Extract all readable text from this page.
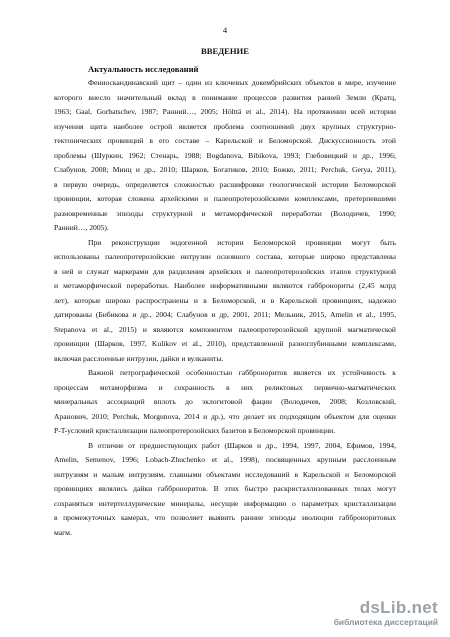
4
ВВЕДЕНИЕ
Актуальность исследований
Фенноскандинавский щит – один из ключевых докембрийских объектов в мире, изучение
которого внесло значительный вклад в понимание процессов развития ранней Земли (Кратц,
1963; Gaal, Gorbatschev, 1987; Ранний…, 2005; Hölttä et al., 2014). На протяжении всей истории
изучения щита наиболее острой является проблема соотношений двух крупных структурно-
тектонических провинций в его составе – Карельской и Беломорской. Дискуссионность этой
проблемы (Шуркин, 1962; Стенарь, 1988; Bogdanova, Bibikova, 1993; Глебовицкий и др., 1996;
Слабунов, 2008; Минц и др., 2010; Шарков, Богатиков, 2010; Божко, 2011; Perchuk, Gerya, 2011),
в первую очередь, определяется сложностью расшифровки геологической истории Беломорской
провинции, которая сложена архейскими и палеопротерозойскими комплексами, претерпевшими
разновременные эпизоды структурной и метаморфической переработки (Володичев, 1990;
Ранний…, 2005).
При реконструкции эндогенной истории Беломорской провинции могут быть
использованы палеопротерозойские интрузии основного состава, которые широко представлены
в ней и служат маркерами для разделения архейских и палеопротерозойских этапов структурной
и метаморфической переработки. Наиболее информативными являются габбронориты (2,45 млрд
лет), которые широко распространены и в Беломорской, и в Карельской провинциях, надежно
датированы (Бибикова и др., 2004; Слабунов и др, 2001, 2011; Мельник, 2015, Amelin et al., 1995,
Stepanova et al., 2015) и являются компонентом палеопротерозойской крупной магматической
провинции (Шарков, 1997, Kulikov et al., 2010), представленной разноглубинными комплексами,
включая расслоенные интрузии, дайки и вулканиты.
Важной петрографической особенностью габброноритов является их устойчивость к
процессам метаморфизма и сохранность в них реликтовых первично-магматических
минеральных ассоциаций вплоть до эклогитовой фации (Володичев, 2008; Козловский,
Аранович, 2010; Perchuk, Morgunova, 2014 и др.), что делает их подходящим объектом для оценки
P-T-условий кристаллизации палеопротерозойских базитов в Беломорской провинции.
В отличие от предшествующих работ (Шарков и др., 1994, 1997, 2004, Ефимов, 1994,
Amelin, Semenov, 1996; Lobach-Zhuchenko et al., 1998), посвященных крупным расслоенным
интрузиям и малым интрузиям, главными объектами исследований в Карельской и Беломорской
провинциях являлись дайки габброноритов. В этих быстро раскристаллизованных телах могут
сохраняться интертеллурические минералы, несущие информацию о параметрах кристаллизации
в промежуточных камерах, что позволяет выявить ранние эпизоды эволюции габброноритовых
магм.
dsLib.net
библиотека диссертаций
